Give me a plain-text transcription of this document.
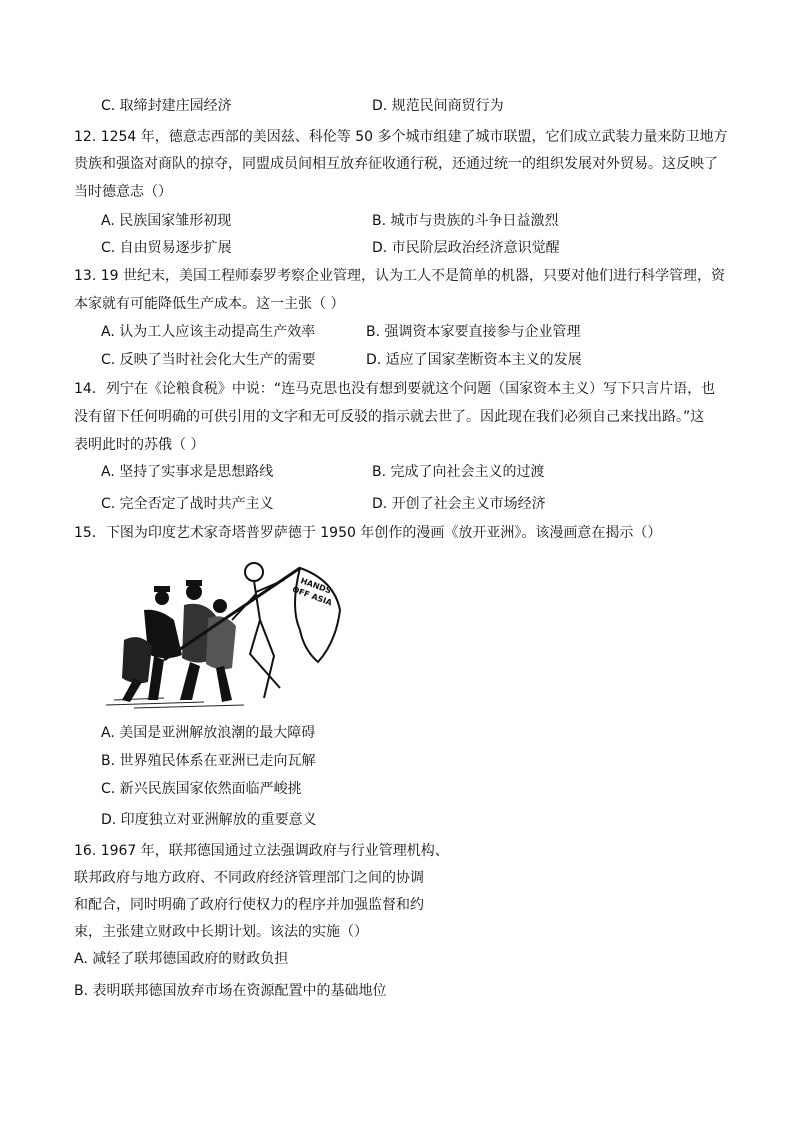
C. 取缔封建庄园经济	D. 规范民间商贸行为
12. 1254 年，德意志西部的美因兹、科伦等 50 多个城市组建了城市联盟，它们成立武装力量来防卫地方
贵族和强盗对商队的掠夺，同盟成员间相互放弃征收通行税，还通过统一的组织发展对外贸易。这反映了
当时德意志（）
A. 民族国家雏形初现	B. 城市与贵族的斗争日益激烈
C. 自由贸易逐步扩展	D. 市民阶层政治经济意识觉醒
13. 19 世纪末，美国工程师泰罗考察企业管理，认为工人不是简单的机器，只要对他们进行科学管理，资
本家就有可能降低生产成本。这一主张（ ）
A. 认为工人应该主动提高生产效率	B. 强调资本家要直接参与企业管理
C. 反映了当时社会化大生产的需要	D. 适应了国家垄断资本主义的发展
14．列宁在《论粮食税》中说：“连马克思也没有想到要就这个问题（国家资本主义）写下只言片语，也
没有留下任何明确的可供引用的文字和无可反驳的指示就去世了。因此现在我们必须自己来找出路。”这
表明此时的苏俄（ ）
A. 坚持了实事求是思想路线	B. 完成了向社会主义的过渡
C. 完全否定了战时共产主义	D. 开创了社会主义市场经济
15．下图为印度艺术家奇塔普罗萨德于 1950 年创作的漫画《放开亚洲》。该漫画意在揭示（）
HANDS OFF ASIA
A. 美国是亚洲解放浪潮的最大障碍
B. 世界殖民体系在亚洲已走向瓦解
C. 新兴民族国家依然面临严峻挑
D. 印度独立对亚洲解放的重要意义
16. 1967 年，联邦德国通过立法强调政府与行业管理机构、
联邦政府与地方政府、不同政府经济管理部门之间的协调
和配合，同时明确了政府行使权力的程序并加强监督和约
束，主张建立财政中长期计划。该法的实施（）
A. 减轻了联邦德国政府的财政负担
B. 表明联邦德国放弃市场在资源配置中的基础地位
